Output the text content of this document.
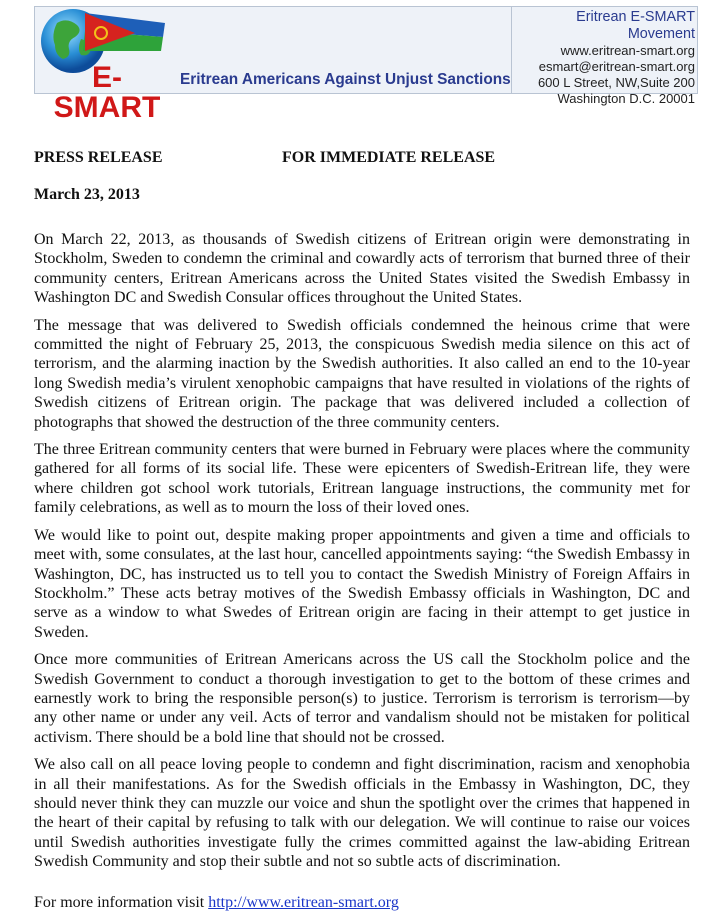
E-SMART
Eritrean Americans Against Unjust Sanctions
Eritrean E-SMART Movement
www.eritrean-smart.org
esmart@eritrean-smart.org
600 L Street, NW,Suite 200
Washington D.C. 20001
PRESS RELEASE	FOR IMMEDIATE RELEASE
March 23, 2013

On March 22, 2013, as thousands of Swedish citizens of Eritrean origin were demonstrating in Stockholm, Sweden to condemn the criminal and cowardly acts of terrorism that burned three of their community centers, Eritrean Americans across the United States visited the Swedish Embassy in Washington DC and Swedish Consular offices throughout the United States.

The message that was delivered to Swedish officials condemned the heinous crime that were committed the night of February 25, 2013, the conspicuous Swedish media silence on this act of terrorism, and the alarming inaction by the Swedish authorities. It also called an end to the 10-year long Swedish media’s virulent xenophobic campaigns that have resulted in violations of the rights of Swedish citizens of Eritrean origin. The package that was delivered included a collection of photographs that showed the destruction of the three community centers.

The three Eritrean community centers that were burned in February were places where the community gathered for all forms of its social life. These were epicenters of Swedish-Eritrean life, they were where children got school work tutorials, Eritrean language instructions, the community met for family celebrations, as well as to mourn the loss of their loved ones.

We would like to point out, despite making proper appointments and given a time and officials to meet with, some consulates, at the last hour, cancelled appointments saying: “the Swedish Embassy in Washington, DC, has instructed us to tell you to contact the Swedish Ministry of Foreign Affairs in Stockholm.” These acts betray motives of the Swedish Embassy officials in Washington, DC and serve as a window to what Swedes of Eritrean origin are facing in their attempt to get justice in Sweden.

Once more communities of Eritrean Americans across the US call the Stockholm police and the Swedish Government to conduct a thorough investigation to get to the bottom of these crimes and earnestly work to bring the responsible person(s) to justice. Terrorism is terrorism is terrorism—by any other name or under any veil. Acts of terror and vandalism should not be mistaken for political activism. There should be a bold line that should not be crossed.

We also call on all peace loving people to condemn and fight discrimination, racism and xenophobia in all their manifestations. As for the Swedish officials in the Embassy in Washington, DC, they should never think they can muzzle our voice and shun the spotlight over the crimes that happened in the heart of their capital by refusing to talk with our delegation. We will continue to raise our voices until Swedish authorities investigate fully the crimes committed against the law-abiding Eritrean Swedish Community and stop their subtle and not so subtle acts of discrimination.

For more information visit http://www.eritrean-smart.org
